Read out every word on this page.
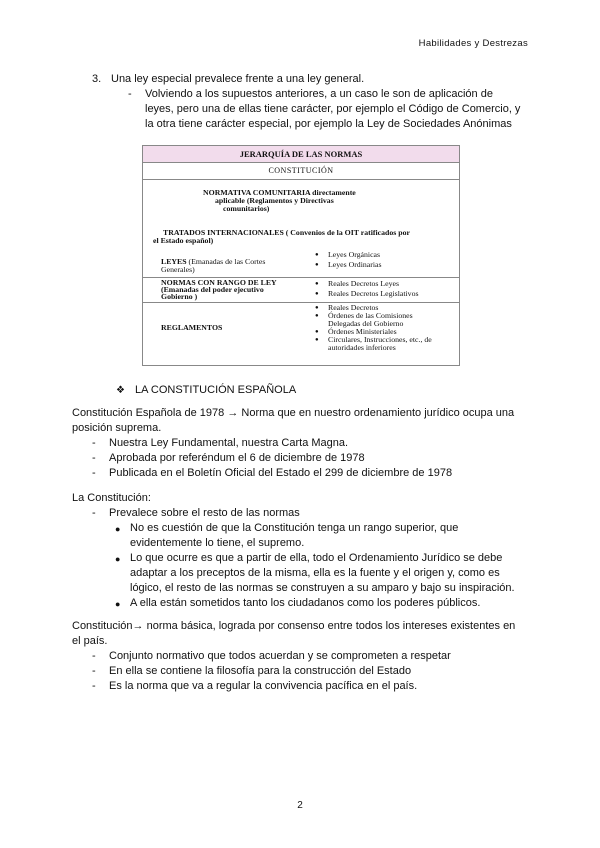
Habilidades y Destrezas
3. Una ley especial prevalece frente a una ley general.
- Volviendo a los supuestos anteriores, a un caso le son de aplicación de
leyes, pero una de ellas tiene carácter, por ejemplo el Código de Comercio, y
la otra tiene carácter especial, por ejemplo la Ley de Sociedades Anónimas
JERARQUÍA DE LAS NORMAS
CONSTITUCIÓN
NORMATIVA COMUNITARIA directamente
aplicable (Reglamentos y Directivas
comunitarios)
TRATADOS INTERNACIONALES ( Convenios de la OIT ratificados por
el Estado español)
LEYES (Emanadas de las Cortes
Generales)
● Leyes Orgánicas
● Leyes Ordinarias
NORMAS CON RANGO DE LEY
(Emanadas del poder ejecutivo
Gobierno )
● Reales Decretos Leyes
● Reales Decretos Legislativos
REGLAMENTOS
● Reales Decretos
● Órdenes de las Comisiones
Delegadas del Gobierno
● Órdenes Ministeriales
● Circulares, Instrucciones, etc., de
autoridades inferiores
❖ LA CONSTITUCIÓN ESPAÑOLA
Constitución Española de 1978 → Norma que en nuestro ordenamiento jurídico ocupa una
posición suprema.
- Nuestra Ley Fundamental, nuestra Carta Magna.
- Aprobada por referéndum el 6 de diciembre de 1978
- Publicada en el Boletín Oficial del Estado el 299 de diciembre de 1978
La Constitución:
- Prevalece sobre el resto de las normas
● No es cuestión de que la Constitución tenga un rango superior, que
evidentemente lo tiene, el supremo.
● Lo que ocurre es que a partir de ella, todo el Ordenamiento Jurídico se debe
adaptar a los preceptos de la misma, ella es la fuente y el origen y, como es
lógico, el resto de las normas se construyen a su amparo y bajo su inspiración.
● A ella están sometidos tanto los ciudadanos como los poderes públicos.
Constitución→ norma básica, lograda por consenso entre todos los intereses existentes en
el país.
- Conjunto normativo que todos acuerdan y se comprometen a respetar
- En ella se contiene la filosofía para la construcción del Estado
- Es la norma que va a regular la convivencia pacífica en el país.
2
